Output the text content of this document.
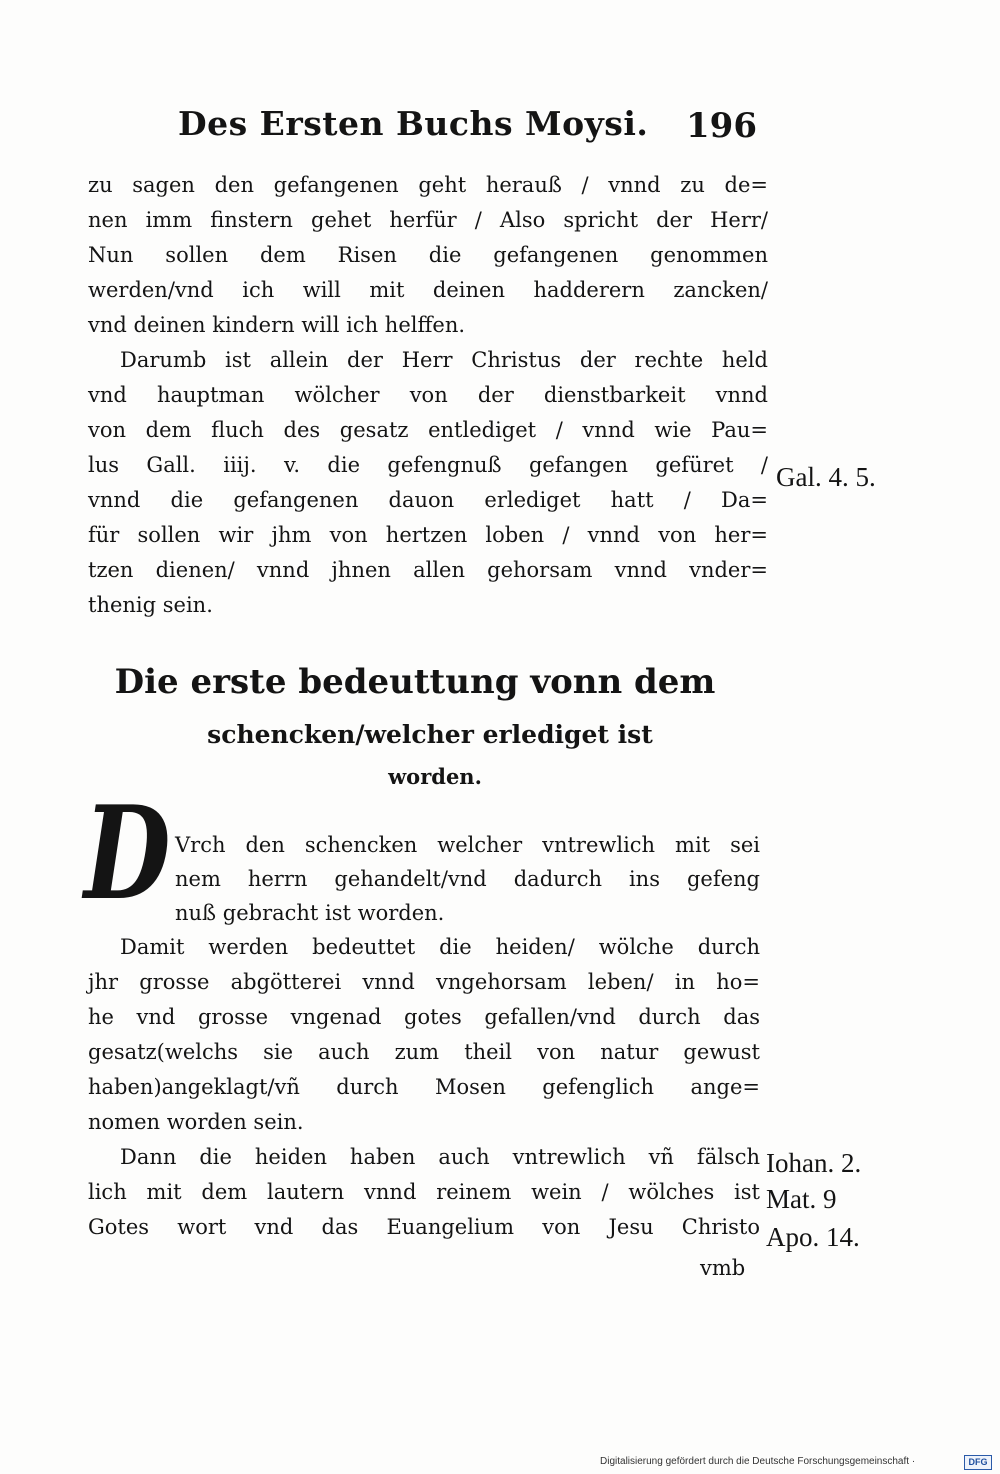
Des Ersten Buchs Moysi. 196
zu sagen den gefangenen geht herauß / vnnd zu de=
nen imm finstern gehet herfür / Also spricht der Herr/
Nun sollen dem Risen die gefangenen genommen
werden/vnd ich will mit deinen hadderern zancken/
vnd deinen kindern will ich helffen.
Darumb ist allein der Herr Christus der rechte held
vnd hauptman wölcher von der dienstbarkeit vnnd
von dem fluch des gesatz entlediget / vnnd wie Pau=
lus Gall. iiij. v. die gefengnuß gefangen gefüret /
vnnd die gefangenen dauon erlediget hatt / Da=
für sollen wir jhm von hertzen loben / vnnd von her=
tzen dienen/ vnnd jhnen allen gehorsam vnnd vnder=
thenig sein.
Gal. 4. 5.
Die erste bedeuttung vonn dem
schencken/welcher erlediget ist
worden.
D Vrch den schencken welcher vntrewlich mit sei
nem herrn gehandelt/vnd dadurch ins gefeng
nuß gebracht ist worden.
Damit werden bedeuttet die heiden/ wölche durch
jhr grosse abgötterei vnnd vngehorsam leben/ in ho=
he vnd grosse vngenad gotes gefallen/vnd durch das
gesatz(welchs sie auch zum theil von natur gewust
haben)angeklagt/vñ durch Mosen gefenglich ange=
nomen worden sein.
Dann die heiden haben auch vntrewlich vñ fälsch
lich mit dem lautern vnnd reinem wein / wölches ist
Gotes wort vnd das Euangelium von Jesu Christo
Iohan. 2.
Mat. 9
Apo. 14.
vmb
Digitalisierung gefördert durch die Deutsche Forschungsgemeinschaft ·	DFG
